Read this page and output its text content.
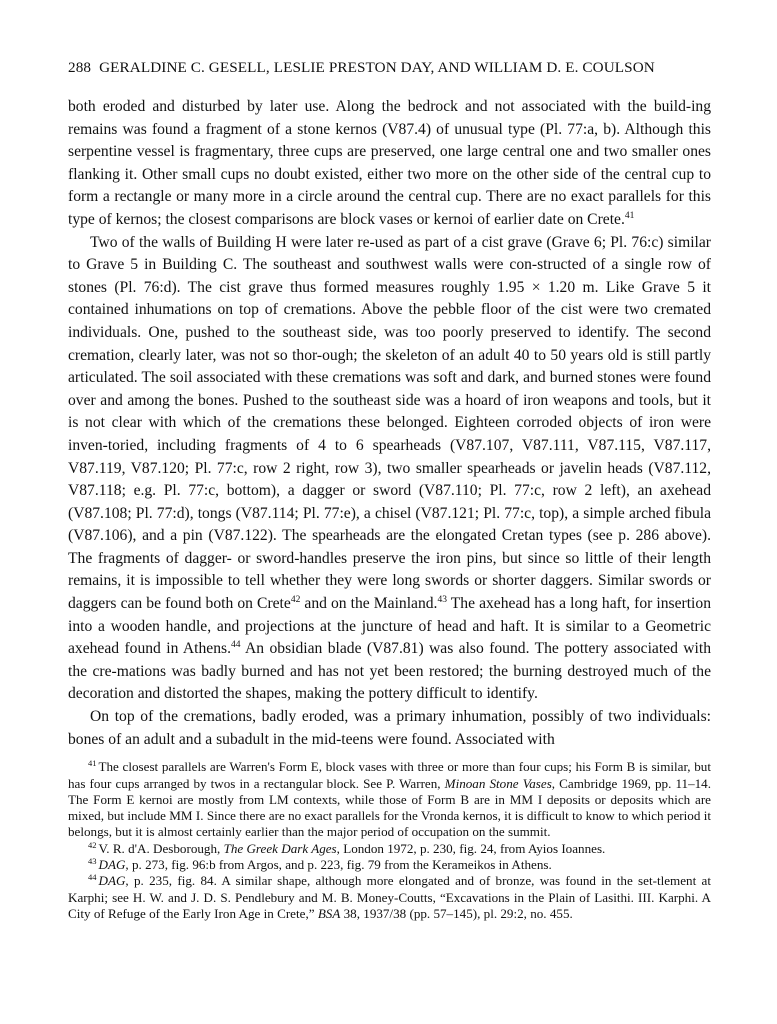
288 GERALDINE C. GESELL, LESLIE PRESTON DAY, AND WILLIAM D. E. COULSON

both eroded and disturbed by later use. Along the bedrock and not associated with the build-ing remains was found a fragment of a stone kernos (V87.4) of unusual type (Pl. 77:a, b). Although this serpentine vessel is fragmentary, three cups are preserved, one large central one and two smaller ones flanking it. Other small cups no doubt existed, either two more on the other side of the central cup to form a rectangle or many more in a circle around the central cup. There are no exact parallels for this type of kernos; the closest comparisons are block vases or kernoi of earlier date on Crete.$^{41}$

Two of the walls of Building H were later re-used as part of a cist grave (Grave 6; Pl. 76:c) similar to Grave 5 in Building C. The southeast and southwest walls were con-structed of a single row of stones (Pl. 76:d). The cist grave thus formed measures roughly 1.95 × 1.20 m. Like Grave 5 it contained inhumations on top of cremations. Above the pebble floor of the cist were two cremated individuals. One, pushed to the southeast side, was too poorly preserved to identify. The second cremation, clearly later, was not so thor-ough; the skeleton of an adult 40 to 50 years old is still partly articulated. The soil associated with these cremations was soft and dark, and burned stones were found over and among the bones. Pushed to the southeast side was a hoard of iron weapons and tools, but it is not clear with which of the cremations these belonged. Eighteen corroded objects of iron were inven-toried, including fragments of 4 to 6 spearheads (V87.107, V87.111, V87.115, V87.117, V87.119, V87.120; Pl. 77:c, row 2 right, row 3), two smaller spearheads or javelin heads (V87.112, V87.118; e.g. Pl. 77:c, bottom), a dagger or sword (V87.110; Pl. 77:c, row 2 left), an axehead (V87.108; Pl. 77:d), tongs (V87.114; Pl. 77:e), a chisel (V87.121; Pl. 77:c, top), a simple arched fibula (V87.106), and a pin (V87.122). The spearheads are the elongated Cretan types (see p. 286 above). The fragments of dagger- or sword-handles preserve the iron pins, but since so little of their length remains, it is impossible to tell whether they were long swords or shorter daggers. Similar swords or daggers can be found both on Crete$^{42}$ and on the Mainland.$^{43}$ The axehead has a long haft, for insertion into a wooden handle, and projections at the juncture of head and haft. It is similar to a Geometric axehead found in Athens.$^{44}$ An obsidian blade (V87.81) was also found. The pottery associated with the cre-mations was badly burned and has not yet been restored; the burning destroyed much of the decoration and distorted the shapes, making the pottery difficult to identify.

On top of the cremations, badly eroded, was a primary inhumation, possibly of two individuals: bones of an adult and a subadult in the mid-teens were found. Associated with

$^{41}$ The closest parallels are Warren's Form E, block vases with three or more than four cups; his Form B is similar, but has four cups arranged by twos in a rectangular block. See P. Warren, Minoan Stone Vases, Cambridge 1969, pp. 11–14. The Form E kernoi are mostly from LM contexts, while those of Form B are in MM I deposits or deposits which are mixed, but include MM I. Since there are no exact parallels for the Vronda kernos, it is difficult to know to which period it belongs, but it is almost certainly earlier than the major period of occupation on the summit.

$^{42}$ V. R. d'A. Desborough, The Greek Dark Ages, London 1972, p. 230, fig. 24, from Ayios Ioannes.

$^{43}$ DAG, p. 273, fig. 96:b from Argos, and p. 223, fig. 79 from the Kerameikos in Athens.

$^{44}$ DAG, p. 235, fig. 84. A similar shape, although more elongated and of bronze, was found in the set-tlement at Karphi; see H. W. and J. D. S. Pendlebury and M. B. Money-Coutts, “Excavations in the Plain of Lasithi. III. Karphi. A City of Refuge of the Early Iron Age in Crete,” BSA 38, 1937/38 (pp. 57–145), pl. 29:2, no. 455.
